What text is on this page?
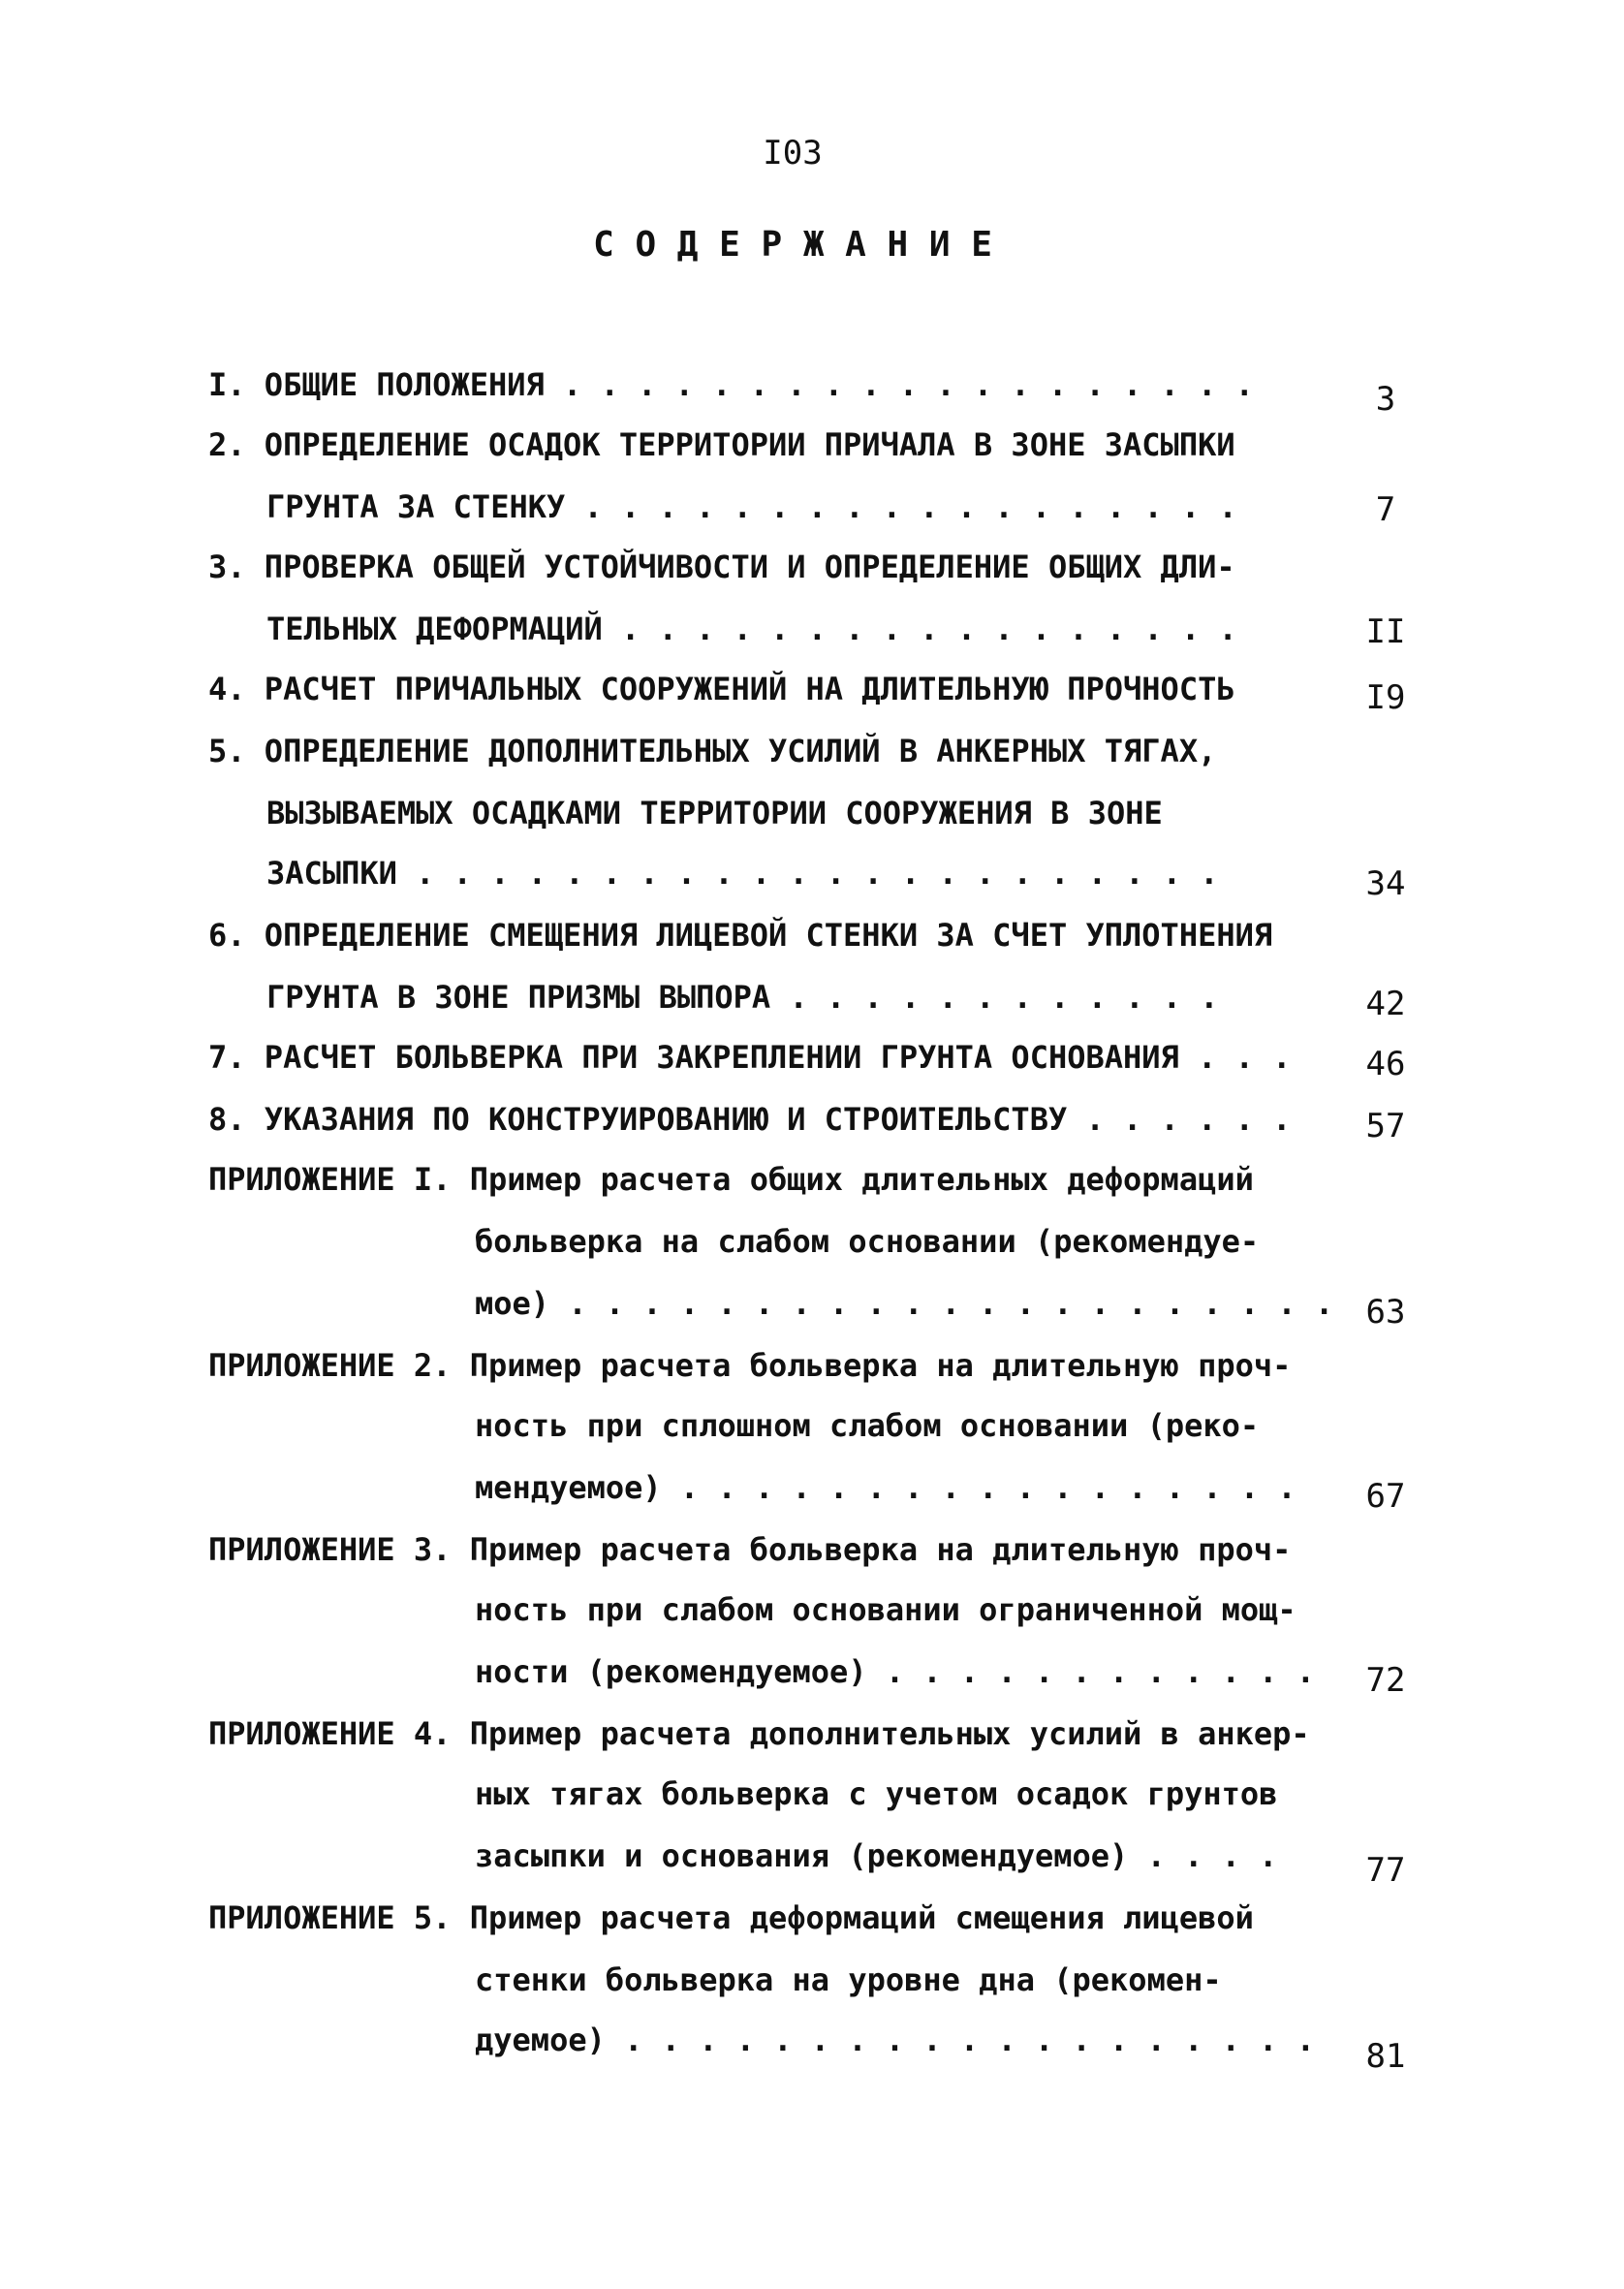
I03
С О Д Е Р Ж А Н И Е
I. ОБЩИЕ ПОЛОЖЕНИЯ . . . . . . . . . . . . . . . . . . .
2. ОПРЕДЕЛЕНИЕ ОСАДОК ТЕРРИТОРИИ ПРИЧАЛА В ЗОНЕ ЗАСЫПКИ
ГРУНТА ЗА СТЕНКУ . . . . . . . . . . . . . . . . . .
3. ПРОВЕРКА ОБЩЕЙ УСТОЙЧИВОСТИ И ОПРЕДЕЛЕНИЕ ОБЩИХ ДЛИ-
ТЕЛЬНЫХ ДЕФОРМАЦИЙ . . . . . . . . . . . . . . . . .
4. РАСЧЕТ ПРИЧАЛЬНЫХ СООРУЖЕНИЙ НА ДЛИТЕЛЬНУЮ ПРОЧНОСТЬ
5. ОПРЕДЕЛЕНИЕ ДОПОЛНИТЕЛЬНЫХ УСИЛИЙ В АНКЕРНЫХ ТЯГАХ,
ВЫЗЫВАЕМЫХ ОСАДКАМИ ТЕРРИТОРИИ СООРУЖЕНИЯ В ЗОНЕ
ЗАСЫПКИ . . . . . . . . . . . . . . . . . . . . . .
6. ОПРЕДЕЛЕНИЕ СМЕЩЕНИЯ ЛИЦЕВОЙ СТЕНКИ ЗА СЧЕТ УПЛОТНЕНИЯ
ГРУНТА В ЗОНЕ ПРИЗМЫ ВЫПОРА . . . . . . . . . . . .
7. РАСЧЕТ БОЛЬВЕРКА ПРИ ЗАКРЕПЛЕНИИ ГРУНТА ОСНОВАНИЯ . . .
8. УКАЗАНИЯ ПО КОНСТРУИРОВАНИЮ И СТРОИТЕЛЬСТВУ . . . . . .
ПРИЛОЖЕНИЕ I. Пример расчета общих длительных деформаций
больверка на слабом основании (рекомендуе-
мое) . . . . . . . . . . . . . . . . . . . . .
ПРИЛОЖЕНИЕ 2. Пример расчета больверка на длительную проч-
ность при сплошном слабом основании (реко-
мендуемое) . . . . . . . . . . . . . . . . .
ПРИЛОЖЕНИЕ 3. Пример расчета больверка на длительную проч-
ность при слабом основании ограниченной мощ-
ности (рекомендуемое) . . . . . . . . . . . .
ПРИЛОЖЕНИЕ 4. Пример расчета дополнительных усилий в анкер-
ных тягах больверка с учетом осадок грунтов
засыпки и основания (рекомендуемое) . . . .
ПРИЛОЖЕНИЕ 5. Пример расчета деформаций смещения лицевой
стенки больверка на уровне дна (рекомен-
дуемое) . . . . . . . . . . . . . . . . . . .
3
7
II
I9
34
42
46
57
63
67
72
77
81
